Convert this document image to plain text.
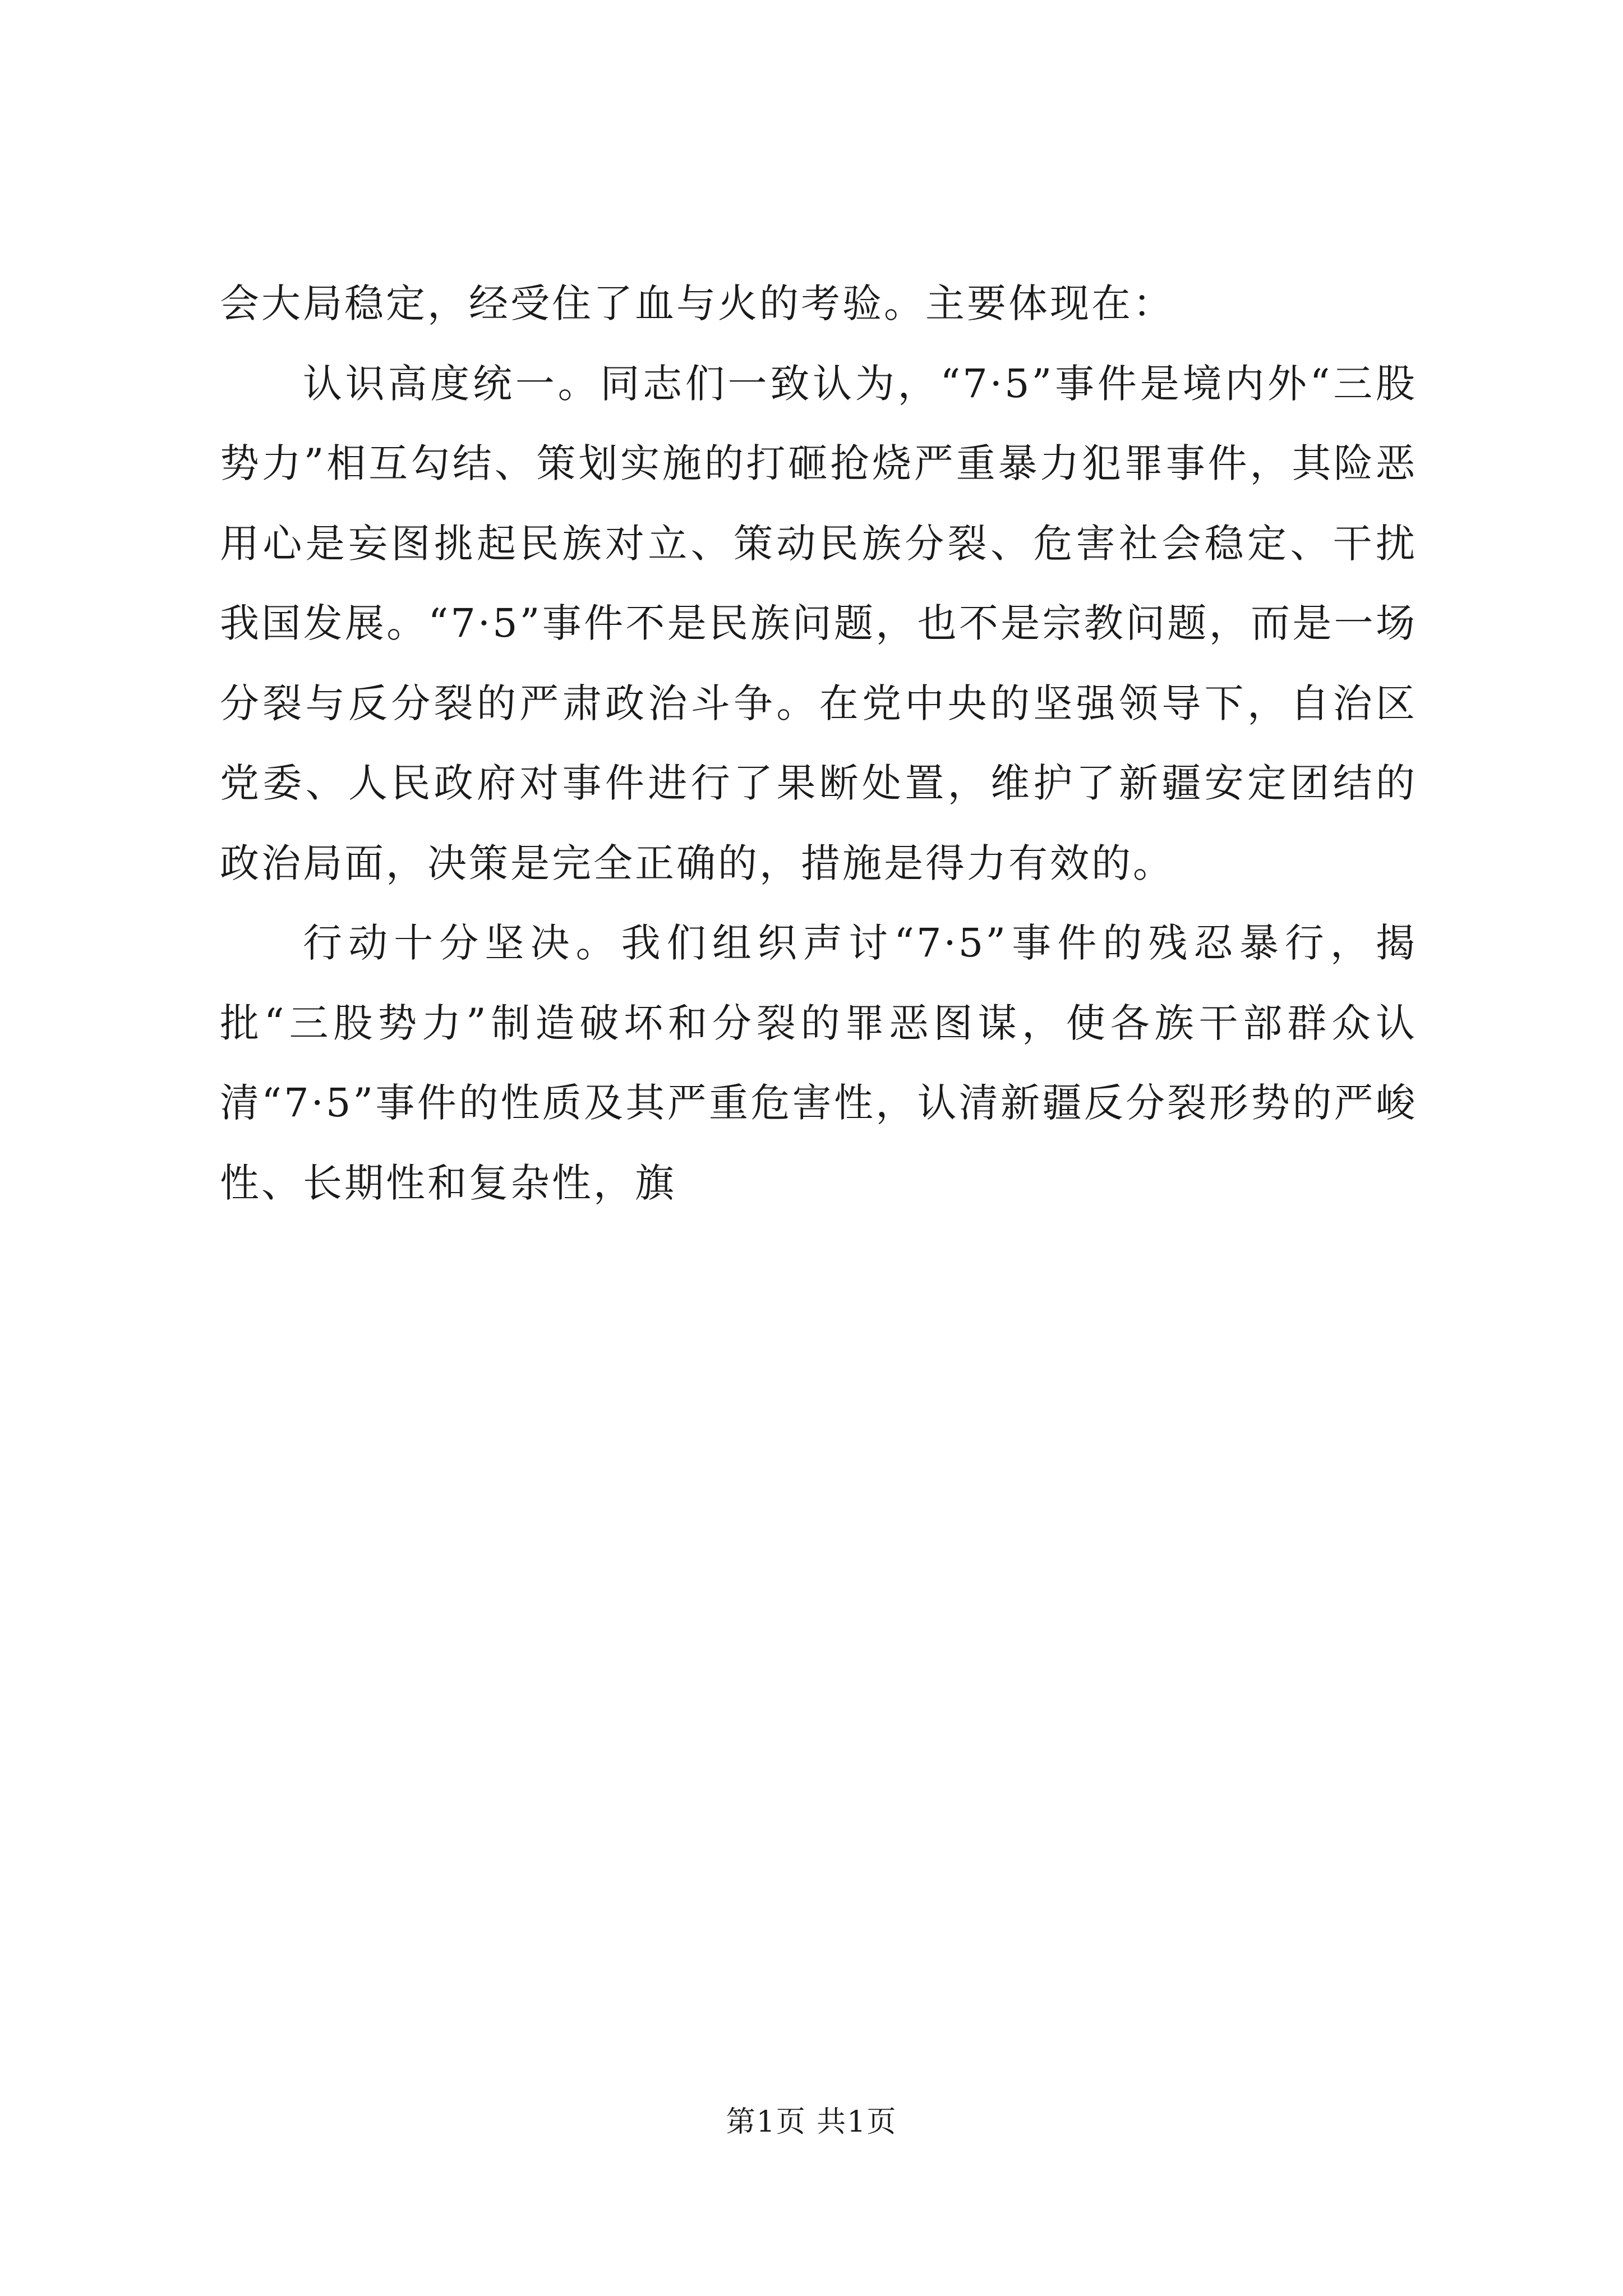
会大局稳定，经受住了血与火的考验。主要体现在：

认识高度统一。同志们一致认为，“7·5”事件是境内外“三股势力”相互勾结、策划实施的打砸抢烧严重暴力犯罪事件，其险恶用心是妄图挑起民族对立、策动民族分裂、危害社会稳定、干扰我国发展。“7·5”事件不是民族问题，也不是宗教问题，而是一场分裂与反分裂的严肃政治斗争。在党中央的坚强领导下，自治区党委、人民政府对事件进行了果断处置，维护了新疆安定团结的政治局面，决策是完全正确的，措施是得力有效的。

行动十分坚决。我们组织声讨“7·5”事件的残忍暴行，揭批“三股势力”制造破坏和分裂的罪恶图谋，使各族干部群众认清“7·5”事件的性质及其严重危害性，认清新疆反分裂形势的严峻性、长期性和复杂性，旗

第1页 共1页
